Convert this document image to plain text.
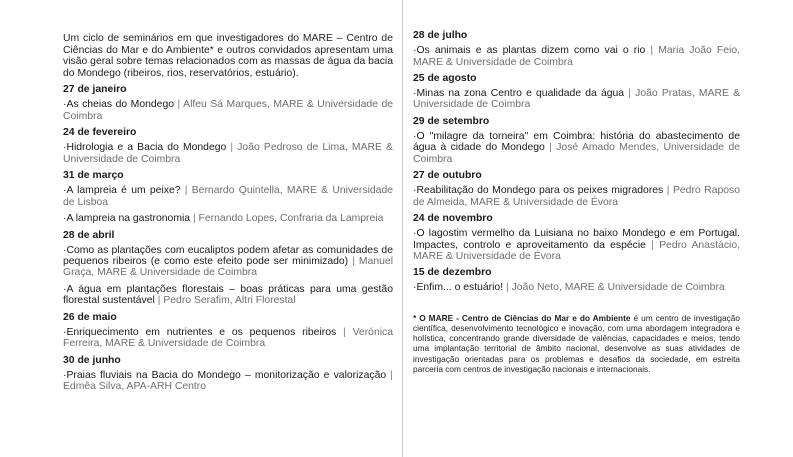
Um ciclo de seminários em que investigadores do MARE – Centro de Ciências do Mar e do Ambiente* e outros convidados apresentam uma visão geral sobre temas relacionados com as massas de água da bacia do Mondego (ribeiros, rios, reservatórios, estuário).

27 de janeiro

·As cheias do Mondego | Alfeu Sá Marques, MARE & Universidade de Coimbra

24 de fevereiro

·Hidrologia e a Bacia do Mondego | João Pedroso de Lima, MARE & Universidade de Coimbra

31 de março

·A lampreia é um peixe? | Bernardo Quintella, MARE & Universidade de Lisboa

·A lampreia na gastronomia | Fernando Lopes, Confraria da Lampreia

28 de abril

·Como as plantações com eucaliptos podem afetar as comunidades de pequenos ribeiros (e como este efeito pode ser minimizado) | Manuel Graça, MARE & Universidade de Coimbra

·A água em plantações florestais – boas práticas para uma gestão florestal sustentável | Pedro Serafim, Altri Florestal

26 de maio

·Enriquecimento em nutrientes e os pequenos ribeiros | Verónica Ferreira, MARE & Universidade de Coimbra

30 de junho

·Praias fluviais na Bacia do Mondego – monitorização e valorização | Edmêa Silva, APA-ARH Centro

28 de julho

·Os animais e as plantas dizem como vai o rio | Maria João Feio, MARE & Universidade de Coimbra

25 de agosto

·Minas na zona Centro e qualidade da água | João Pratas, MARE & Universidade de Coimbra

29 de setembro

·O "milagre da torneira" em Coimbra: história do abastecimento de água à cidade do Mondego | José Amado Mendes, Universidade de Coimbra

27 de outubro

·Reabilitação do Mondego para os peixes migradores | Pedro Raposo de Almeida, MARE & Universidade de Évora

24 de novembro

·O lagostim vermelho da Luisiana no baixo Mondego e em Portugal. Impactes, controlo e aproveitamento da espécie | Pedro Anastácio, MARE & Universidade de Évora

15 de dezembro

·Enfim... o estuário! | João Neto, MARE & Universidade de Coimbra

* O MARE - Centro de Ciências do Mar e do Ambiente é um centro de investigação científica, desenvolvimento tecnológico e inovação, com uma abordagem integradora e holística, concentrando grande diversidade de valências, capacidades e meios, tendo uma implantação territorial de âmbito nacional, desenvolve as suas atividades de investigação orientadas para os problemas e desafios da sociedade, em estreita parceria com centros de investigação nacionais e internacionais.
